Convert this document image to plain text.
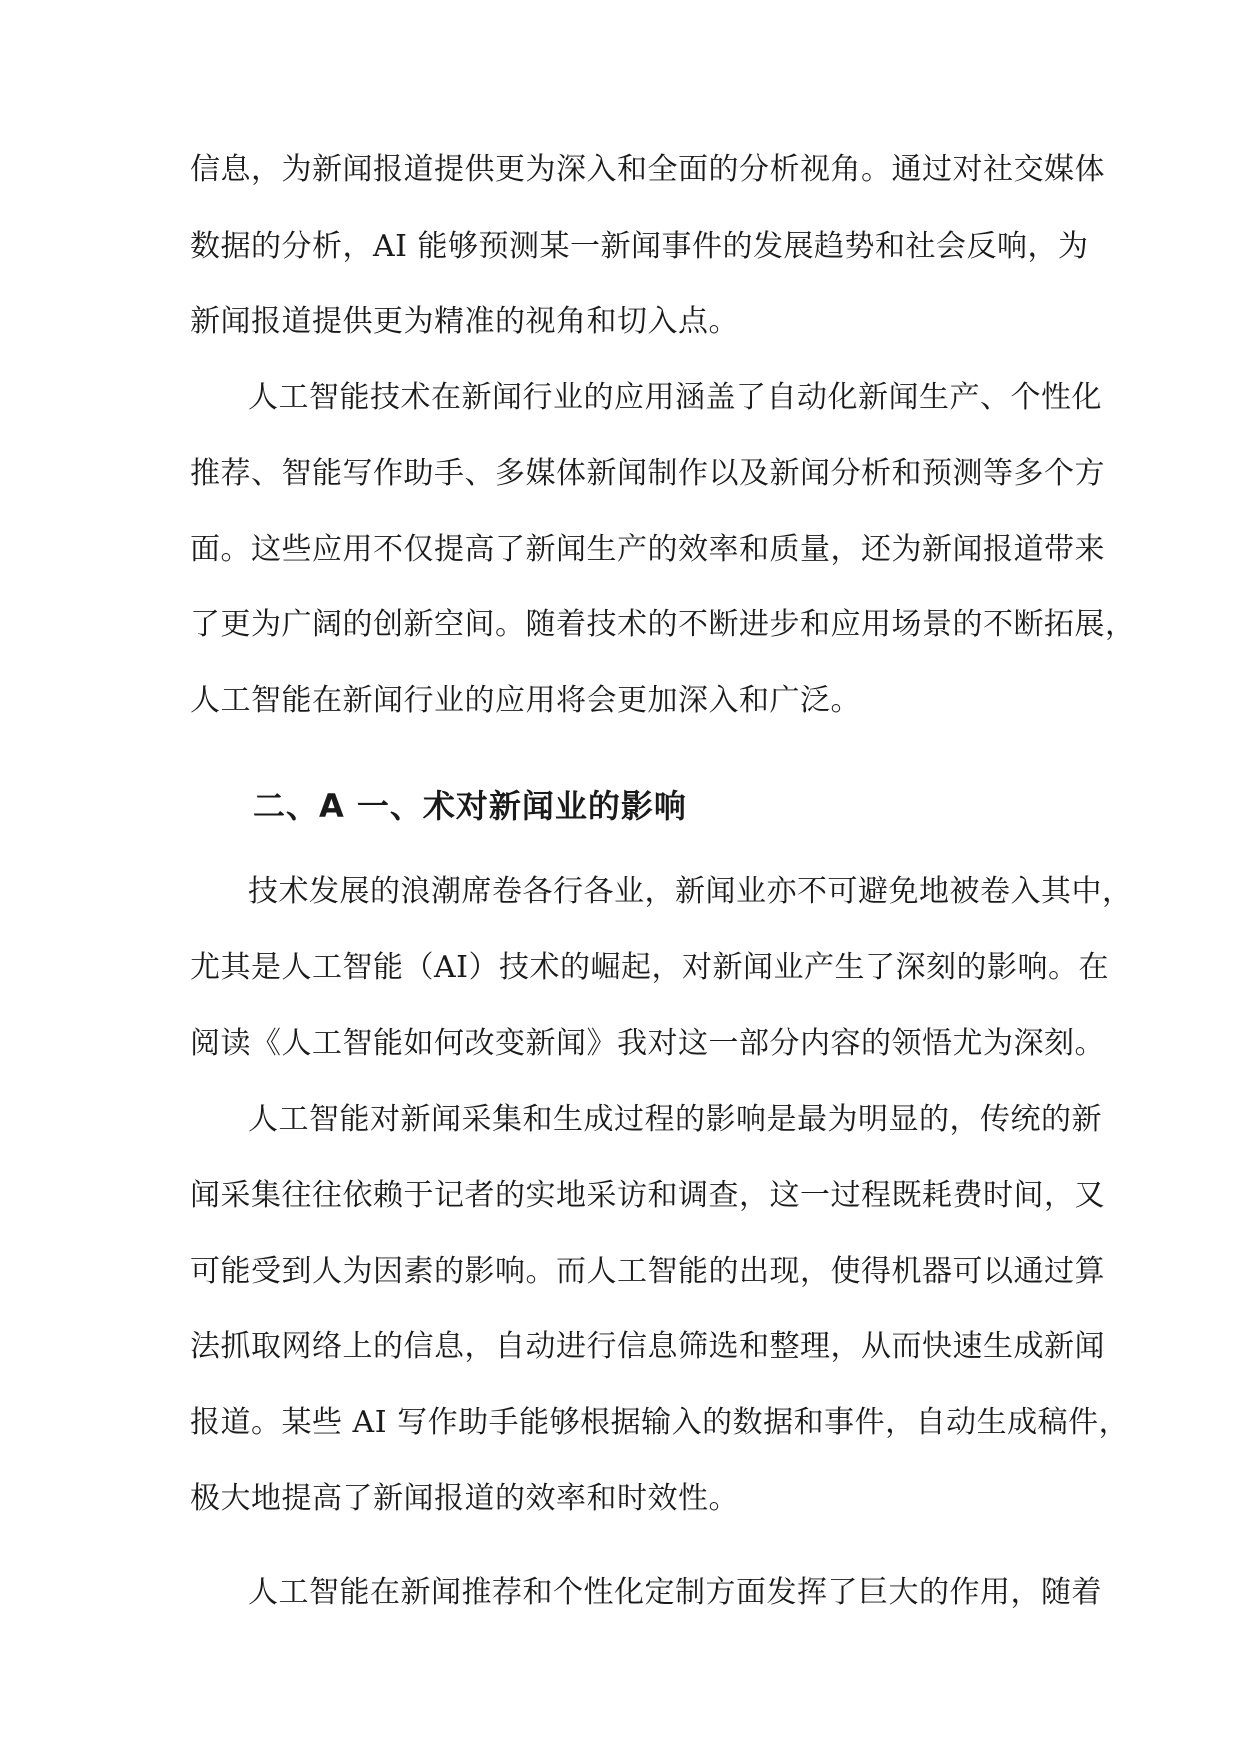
信息，为新闻报道提供更为深入和全面的分析视角。通过对社交媒体
数据的分析，AI 能够预测某一新闻事件的发展趋势和社会反响，为
新闻报道提供更为精准的视角和切入点。
人工智能技术在新闻行业的应用涵盖了自动化新闻生产、个性化
推荐、智能写作助手、多媒体新闻制作以及新闻分析和预测等多个方
面。这些应用不仅提高了新闻生产的效率和质量，还为新闻报道带来
了更为广阔的创新空间。随着技术的不断进步和应用场景的不断拓展，
人工智能在新闻行业的应用将会更加深入和广泛。
二、A 一、术对新闻业的影响
技术发展的浪潮席卷各行各业，新闻业亦不可避免地被卷入其中，
尤其是人工智能（AI）技术的崛起，对新闻业产生了深刻的影响。在
阅读《人工智能如何改变新闻》我对这一部分内容的领悟尤为深刻。
人工智能对新闻采集和生成过程的影响是最为明显的，传统的新
闻采集往往依赖于记者的实地采访和调查，这一过程既耗费时间，又
可能受到人为因素的影响。而人工智能的出现，使得机器可以通过算
法抓取网络上的信息，自动进行信息筛选和整理，从而快速生成新闻
报道。某些 AI 写作助手能够根据输入的数据和事件，自动生成稿件，
极大地提高了新闻报道的效率和时效性。
人工智能在新闻推荐和个性化定制方面发挥了巨大的作用，随着
